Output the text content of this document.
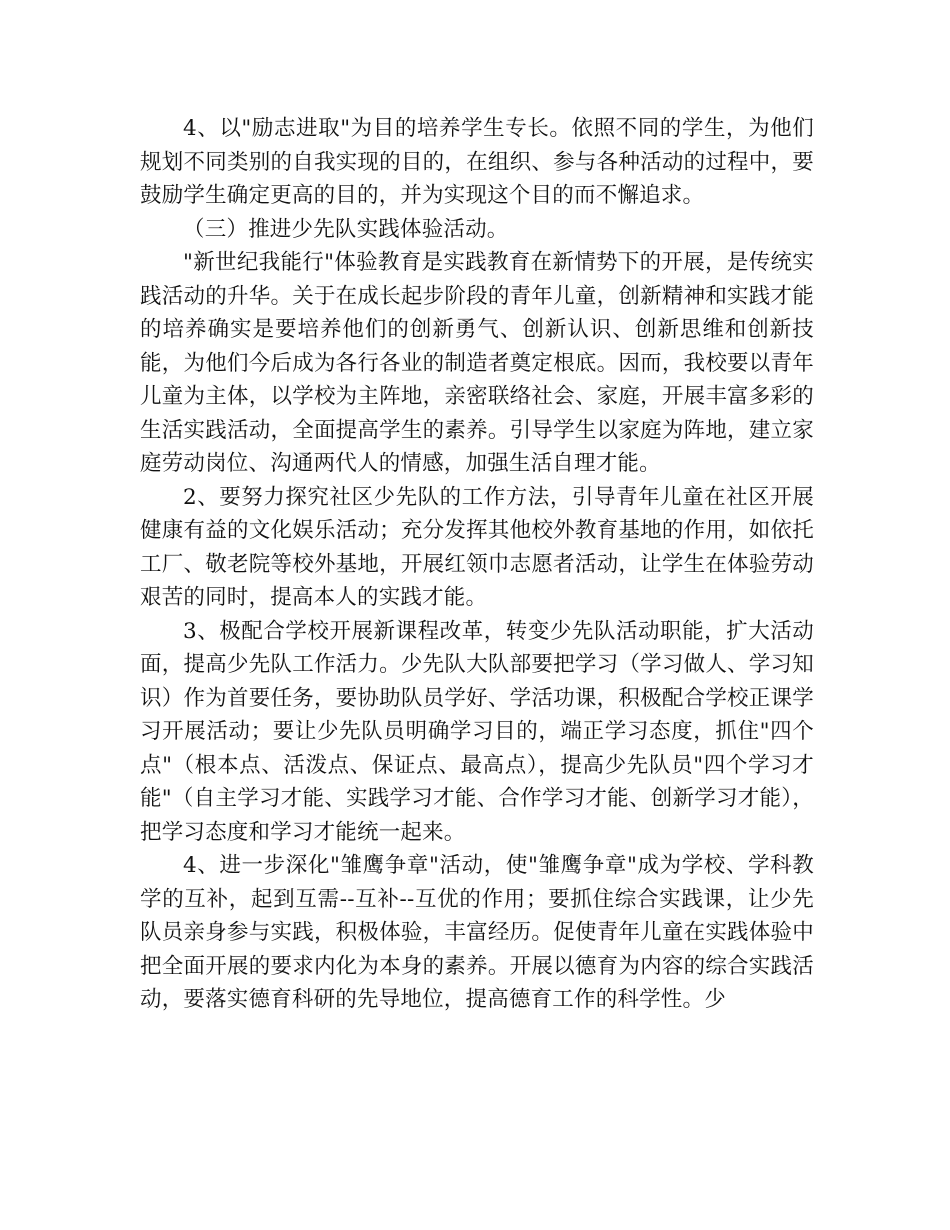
4、以"励志进取"为目的培养学生专长。依照不同的学生，为他们规划不同类别的自我实现的目的，在组织、参与各种活动的过程中，要鼓励学生确定更高的目的，并为实现这个目的而不懈追求。

（三）推进少先队实践体验活动。

"新世纪我能行"体验教育是实践教育在新情势下的开展，是传统实践活动的升华。关于在成长起步阶段的青年儿童，创新精神和实践才能的培养确实是要培养他们的创新勇气、创新认识、创新思维和创新技能，为他们今后成为各行各业的制造者奠定根底。因而，我校要以青年儿童为主体，以学校为主阵地，亲密联络社会、家庭，开展丰富多彩的生活实践活动，全面提高学生的素养。引导学生以家庭为阵地，建立家庭劳动岗位、沟通两代人的情感，加强生活自理才能。

2、要努力探究社区少先队的工作方法，引导青年儿童在社区开展健康有益的文化娱乐活动；充分发挥其他校外教育基地的作用，如依托工厂、敬老院等校外基地，开展红领巾志愿者活动，让学生在体验劳动艰苦的同时，提高本人的实践才能。

3、极配合学校开展新课程改革，转变少先队活动职能，扩大活动面，提高少先队工作活力。少先队大队部要把学习（学习做人、学习知识）作为首要任务，要协助队员学好、学活功课，积极配合学校正课学习开展活动；要让少先队员明确学习目的，端正学习态度，抓住"四个点"（根本点、活泼点、保证点、最高点），提高少先队员"四个学习才能"（自主学习才能、实践学习才能、合作学习才能、创新学习才能），把学习态度和学习才能统一起来。

4、进一步深化"雏鹰争章"活动，使"雏鹰争章"成为学校、学科教学的互补，起到互需--互补--互优的作用；要抓住综合实践课，让少先队员亲身参与实践，积极体验，丰富经历。促使青年儿童在实践体验中把全面开展的要求内化为本身的素养。开展以德育为内容的综合实践活动，要落实德育科研的先导地位，提高德育工作的科学性。少
